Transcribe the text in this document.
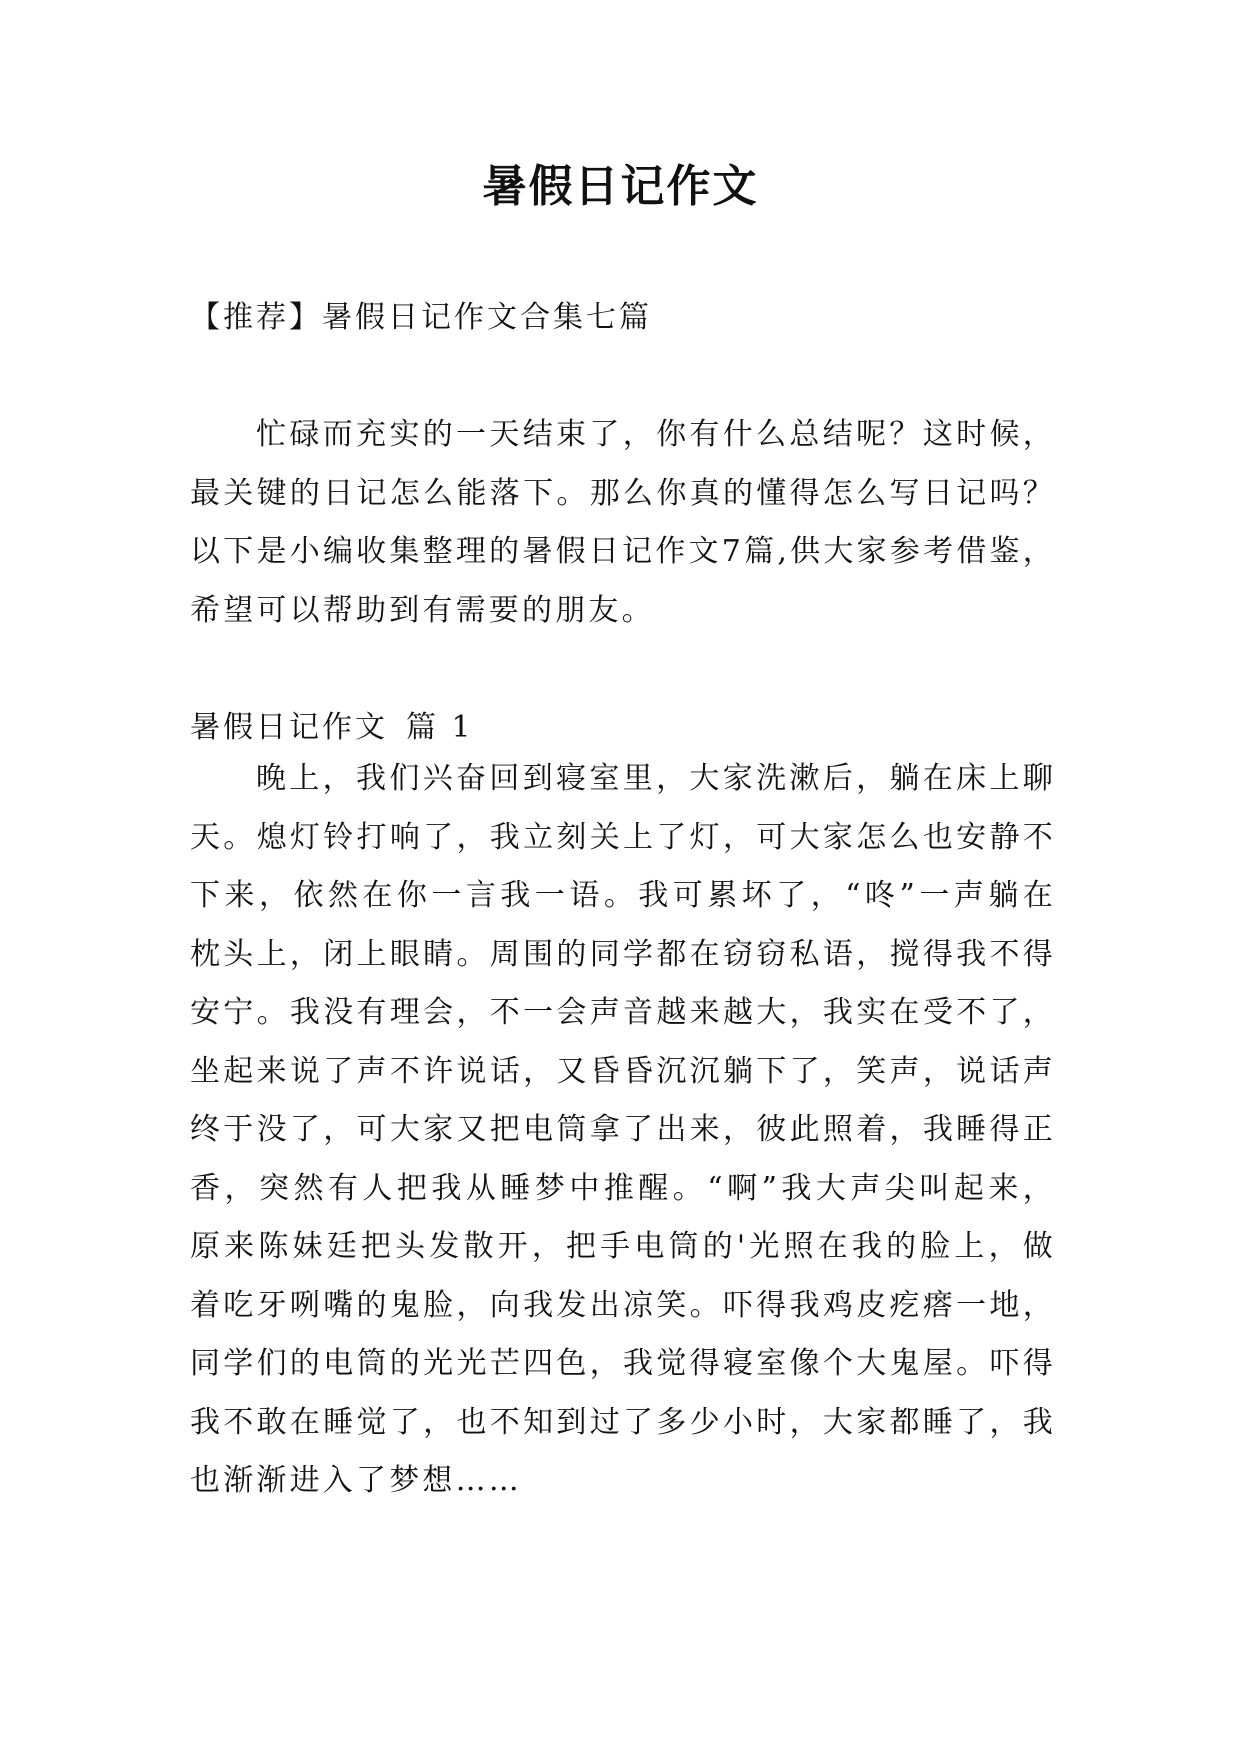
暑假日记作文

【推荐】暑假日记作文合集七篇

忙碌而充实的一天结束了，你有什么总结呢？这时候，最关键的日记怎么能落下。那么你真的懂得怎么写日记吗？以下是小编收集整理的暑假日记作文7篇,供大家参考借鉴，希望可以帮助到有需要的朋友。

暑假日记作文 篇 1

晚上，我们兴奋回到寝室里，大家洗漱后，躺在床上聊天。熄灯铃打响了，我立刻关上了灯，可大家怎么也安静不下来，依然在你一言我一语。我可累坏了，“咚”一声躺在枕头上，闭上眼睛。周围的同学都在窃窃私语，搅得我不得安宁。我没有理会，不一会声音越来越大，我实在受不了，坐起来说了声不许说话，又昏昏沉沉躺下了，笑声，说话声终于没了，可大家又把电筒拿了出来，彼此照着，我睡得正香，突然有人把我从睡梦中推醒。“啊”我大声尖叫起来，原来陈妹廷把头发散开，把手电筒的'光照在我的脸上，做着吃牙咧嘴的鬼脸，向我发出凉笑。吓得我鸡皮疙瘩一地，同学们的电筒的光光芒四色，我觉得寝室像个大鬼屋。吓得我不敢在睡觉了，也不知到过了多少小时，大家都睡了，我也渐渐进入了梦想……
